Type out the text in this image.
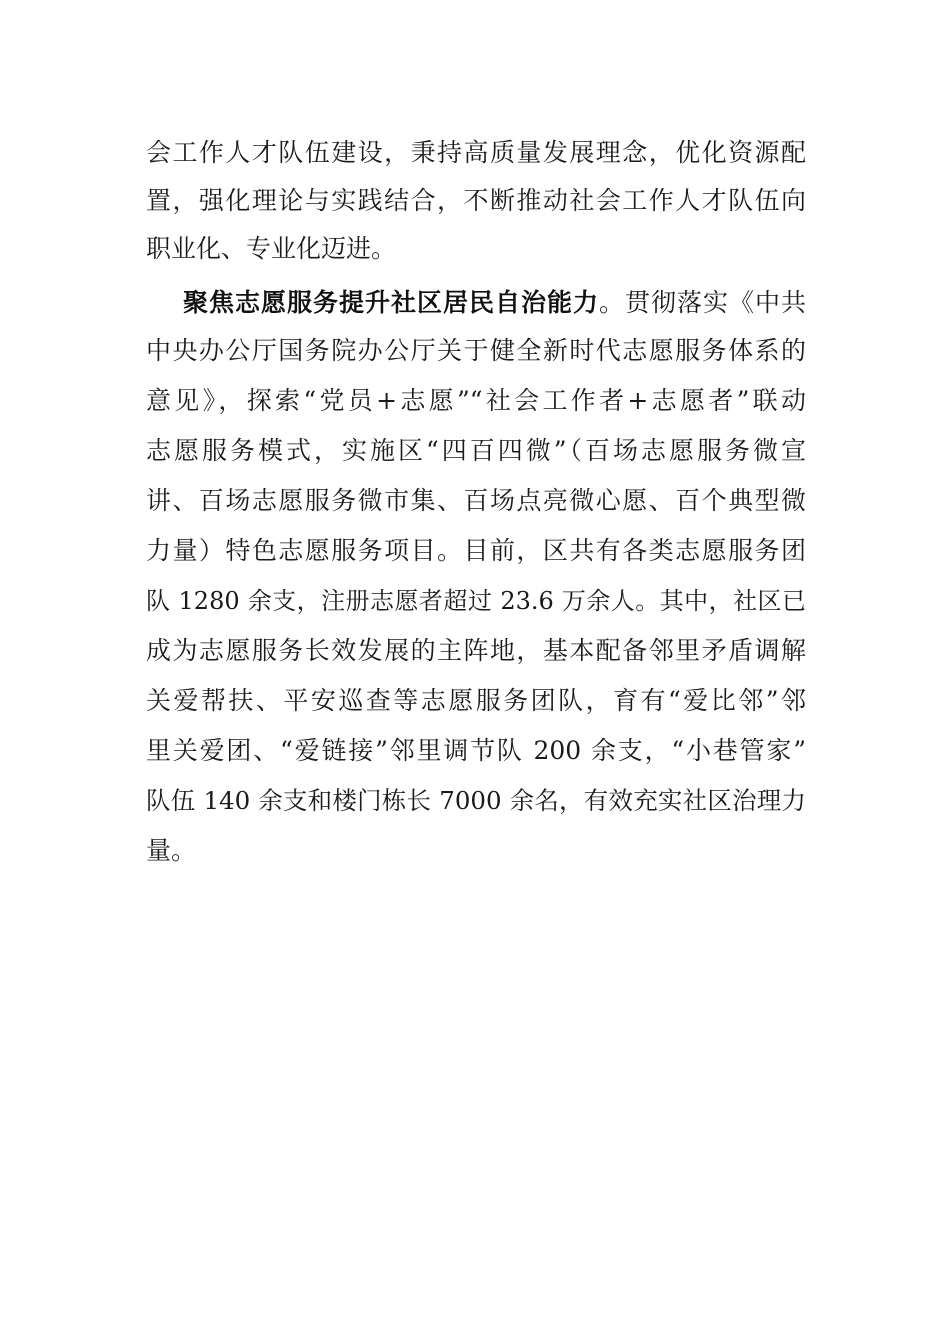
会工作人才队伍建设，秉持高质量发展理念，优化资源配
置，强化理论与实践结合，不断推动社会工作人才队伍向
职业化、专业化迈进。
聚焦志愿服务提升社区居民自治能力。贯彻落实《中共
中央办公厅国务院办公厅关于健全新时代志愿服务体系的
意见》，探索“党员+志愿”“社会工作者+志愿者”联动
志愿服务模式，实施区“四百四微”（百场志愿服务微宣
讲、百场志愿服务微市集、百场点亮微心愿、百个典型微
力量）特色志愿服务项目。目前，区共有各类志愿服务团
队 1280 余支，注册志愿者超过 23.6 万余人。其中，社区已
成为志愿服务长效发展的主阵地，基本配备邻里矛盾调解
关爱帮扶、平安巡查等志愿服务团队，育有“爱比邻”邻
里关爱团、“爱链接”邻里调节队 200 余支，“小巷管家”
队伍 140 余支和楼门栋长 7000 余名，有效充实社区治理力
量。
